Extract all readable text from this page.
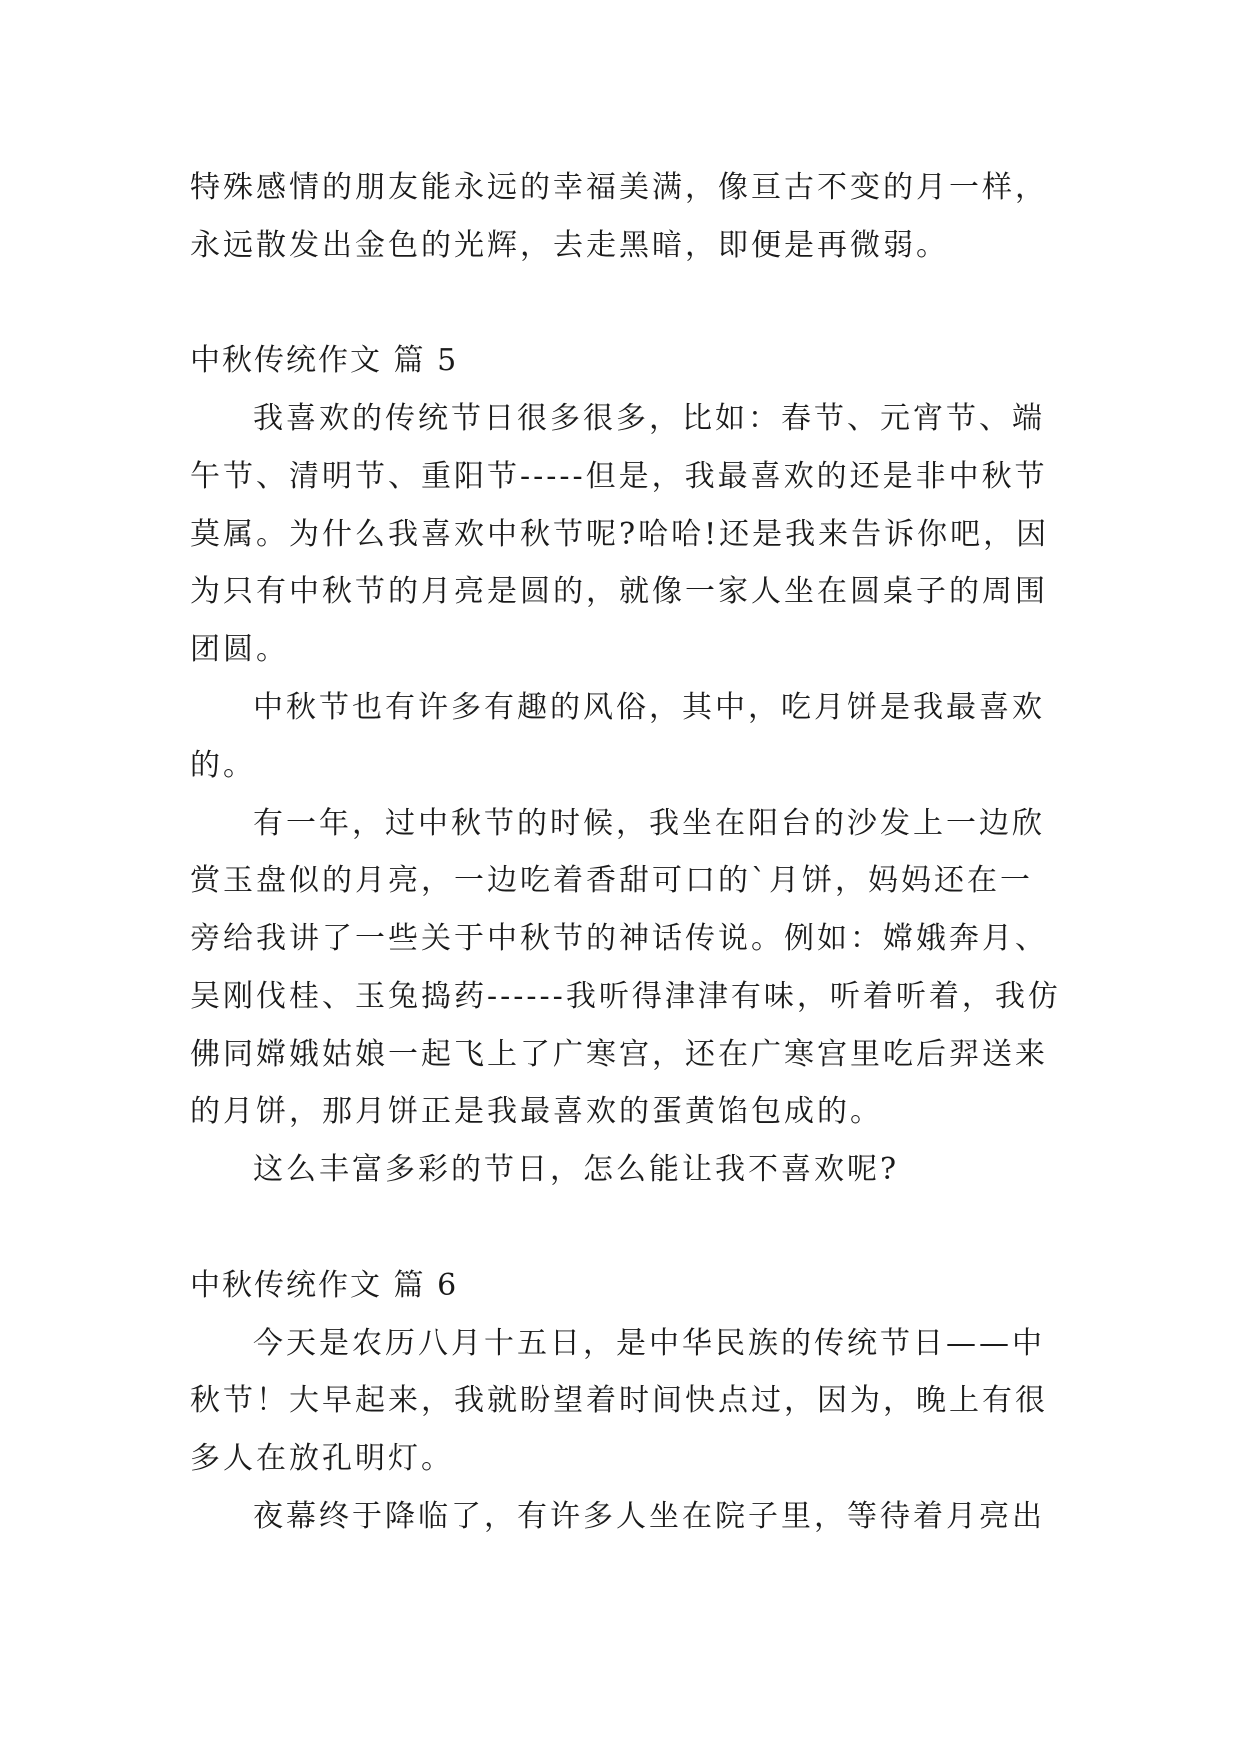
特殊感情的朋友能永远的幸福美满，像亘古不变的月一样，
永远散发出金色的光辉，去走黑暗，即便是再微弱。
中秋传统作文 篇 5
我喜欢的传统节日很多很多，比如：春节、元宵节、端
午节、清明节、重阳节-----但是，我最喜欢的还是非中秋节
莫属。为什么我喜欢中秋节呢?哈哈!还是我来告诉你吧，因
为只有中秋节的月亮是圆的，就像一家人坐在圆桌子的周围
团圆。
中秋节也有许多有趣的风俗，其中，吃月饼是我最喜欢
的。
有一年，过中秋节的时候，我坐在阳台的沙发上一边欣
赏玉盘似的月亮，一边吃着香甜可口的`月饼，妈妈还在一
旁给我讲了一些关于中秋节的神话传说。例如：嫦娥奔月、
吴刚伐桂、玉兔捣药------我听得津津有味，听着听着，我仿
佛同嫦娥姑娘一起飞上了广寒宫，还在广寒宫里吃后羿送来
的月饼，那月饼正是我最喜欢的蛋黄馅包成的。
这么丰富多彩的节日，怎么能让我不喜欢呢?
中秋传统作文 篇 6
今天是农历八月十五日，是中华民族的传统节日——中
秋节！大早起来，我就盼望着时间快点过，因为，晚上有很
多人在放孔明灯。
夜幕终于降临了，有许多人坐在院子里，等待着月亮出
